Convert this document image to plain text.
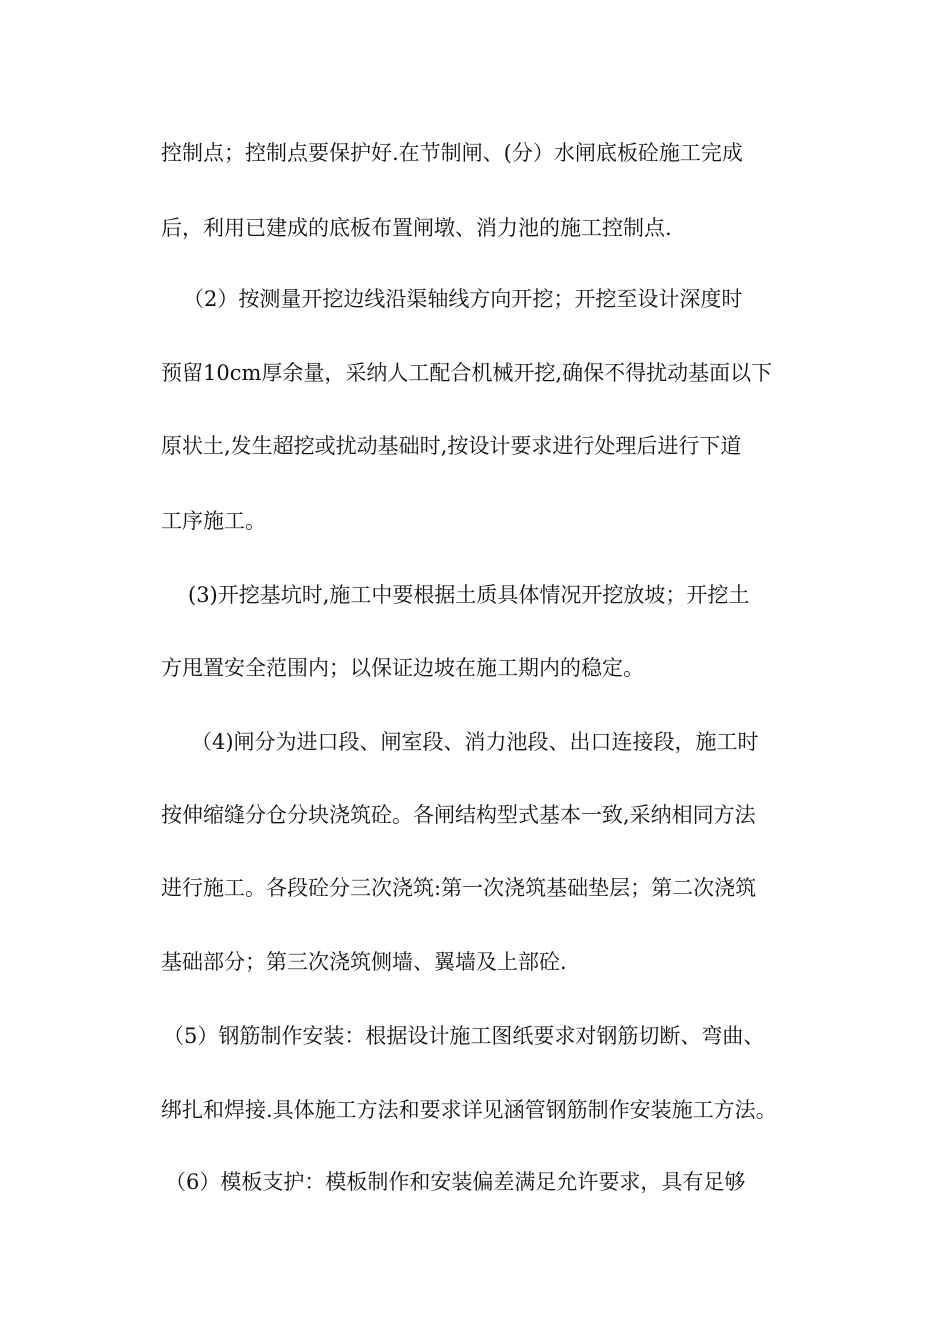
控制点；控制点要保护好.在节制闸、(分）水闸底板砼施工完成
后，利用已建成的底板布置闸墩、消力池的施工控制点.
（2）按测量开挖边线沿渠轴线方向开挖；开挖至设计深度时
预留10cm厚余量，采纳人工配合机械开挖,确保不得扰动基面以下
原状土,发生超挖或扰动基础时,按设计要求进行处理后进行下道
工序施工。
(3)开挖基坑时,施工中要根据土质具体情况开挖放坡；开挖土
方甩置安全范围内；以保证边坡在施工期内的稳定。
（4)闸分为进口段、闸室段、消力池段、出口连接段，施工时
按伸缩缝分仓分块浇筑砼。各闸结构型式基本一致,采纳相同方法
进行施工。各段砼分三次浇筑:第一次浇筑基础垫层；第二次浇筑
基础部分；第三次浇筑侧墙、翼墙及上部砼.
（5）钢筋制作安装：根据设计施工图纸要求对钢筋切断、弯曲、
绑扎和焊接.具体施工方法和要求详见涵管钢筋制作安装施工方法。
（6）模板支护：模板制作和安装偏差满足允许要求，具有足够
